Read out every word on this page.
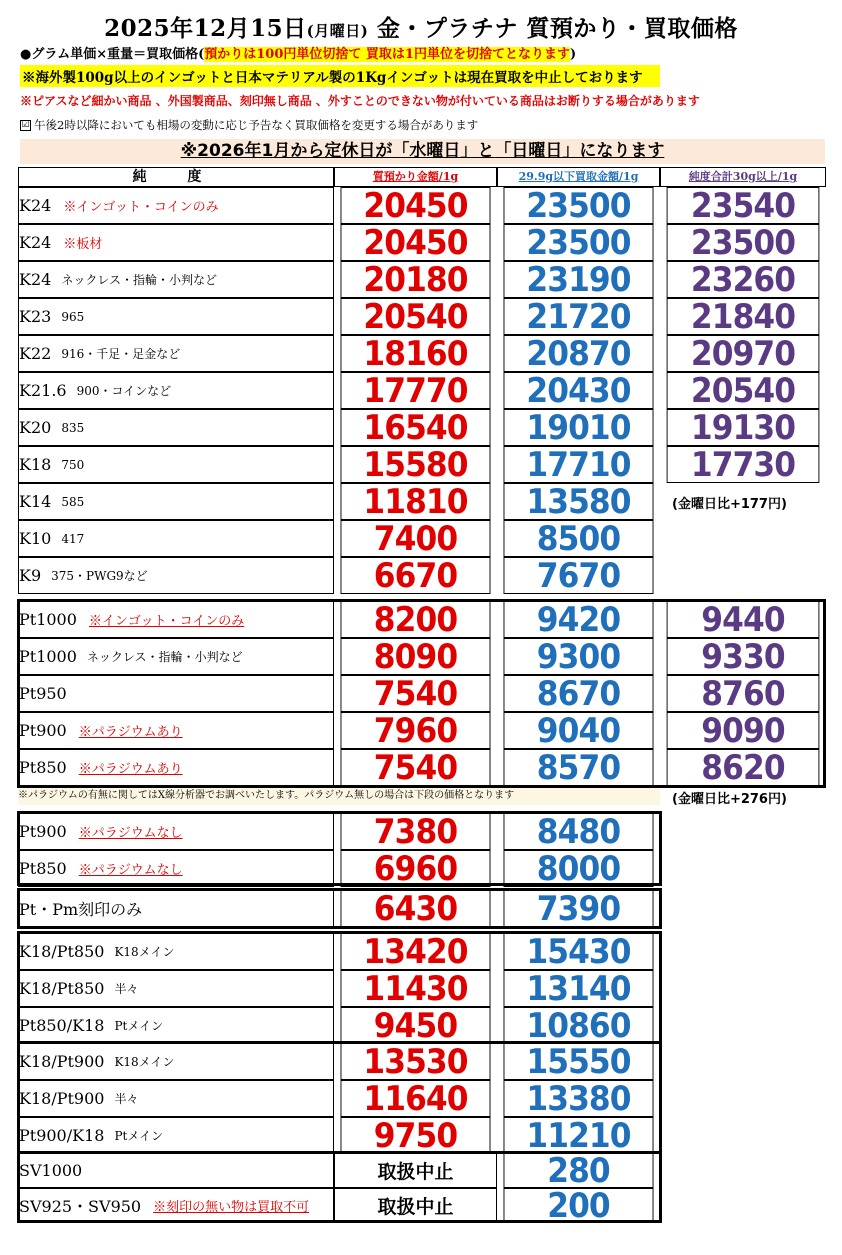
2025年12月15日(月曜日) 金・プラチナ 質預かり・買取価格
●グラム単価×重量＝買取価格(預かりは100円単位切捨て 買取は1円単位を切捨てとなります)
※海外製100g以上のインゴットと日本マテリアル製の1Kgインゴットは現在買取を中止しております
※ピアスなど細かい商品 、外国製商品、刻印無し商品 、外すことのできない物が付いている商品はお断りする場合があります
☑ 午後2時以降においても相場の変動に応じ予告なく買取価格を変更する場合があります
※2026年1月から定休日が「水曜日」と「日曜日」になります
純 度	質預かり金額/1g	29.9g以下買取金額/1g	純度合計30g以上/1g
K24 ※インゴット・コインのみ	20450	23500	23540
K24 ※板材	20450	23500	23500
K24 ネックレス・指輪・小判など	20180	23190	23260
K23 965	20540	21720	21840
K22 916・千足・足金など	18160	20870	20970
K21.6 900・コインなど	17770	20430	20540
K20 835	16540	19010	19130
K18 750	15580	17710	17730
K14 585	11810	13580
K10 417	7400	8500
K9 375・PWG9など	6670	7670
Pt1000 ※インゴット・コインのみ	8200	9420	9440
Pt1000 ネックレス・指輪・小判など	8090	9300	9330
Pt950	7540	8670	8760
Pt900 ※パラジウムあり	7960	9040	9090
Pt850 ※パラジウムあり	7540	8570	8620
※パラジウムの有無に関してはX線分析器でお調べいたします。パラジウム無しの場合は下段の価格となります
Pt900 ※パラジウムなし	7380	8480
Pt850 ※パラジウムなし	6960	8000
Pt・Pm刻印のみ	6430	7390
K18/Pt850 K18メイン	13420	15430
K18/Pt850 半々	11430	13140
Pt850/K18 Ptメイン	9450	10860
K18/Pt900 K18メイン	13530	15550
K18/Pt900 半々	11640	13380
Pt900/K18 Ptメイン	9750	11210
SV1000	取扱中止	280
SV925・SV950 ※刻印の無い物は買取不可	取扱中止	200
(金曜日比+177円)
(金曜日比+276円)
